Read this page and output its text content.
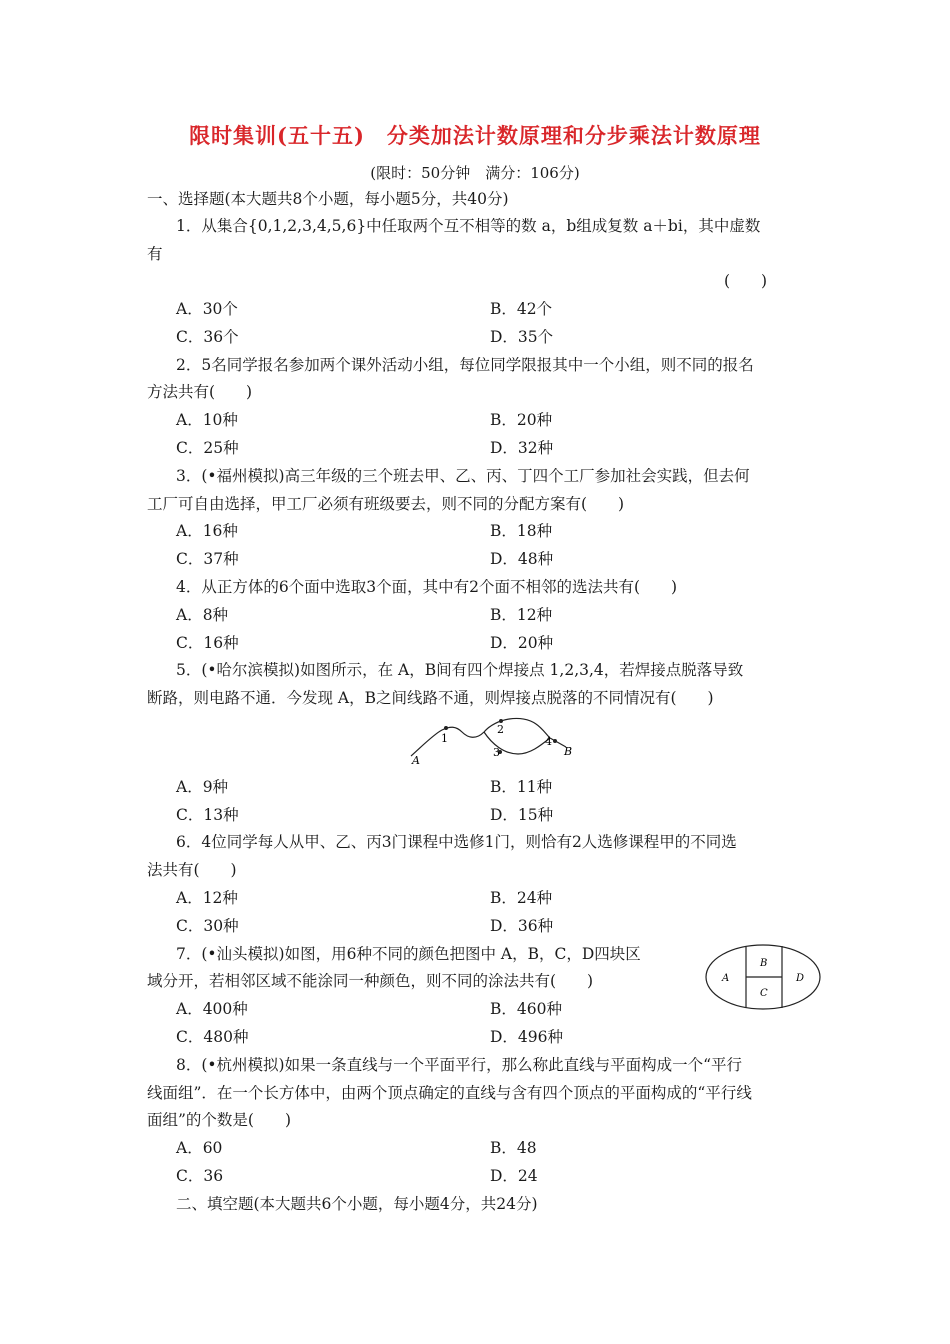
限时集训(五十五)　分类加法计数原理和分步乘法计数原理
(限时：50分钟　满分：106分)
一、选择题(本大题共8个小题，每小题5分，共40分)
1．从集合{0,1,2,3,4,5,6}中任取两个互不相等的数 a，b组成复数 a＋bi，其中虚数
有
(　　)
A．30个	B．42个
C．36个	D．35个
2．5名同学报名参加两个课外活动小组，每位同学限报其中一个小组，则不同的报名
方法共有(　　)
A．10种	B．20种
C．25种	D．32种
3．(•福州模拟)高三年级的三个班去甲、乙、丙、丁四个工厂参加社会实践，但去何
工厂可自由选择，甲工厂必须有班级要去，则不同的分配方案有(　　)
A．16种	B．18种
C．37种	D．48种
4．从正方体的6个面中选取3个面，其中有2个面不相邻的选法共有(　　)
A．8种	B．12种
C．16种	D．20种
5．(•哈尔滨模拟)如图所示，在 A，B间有四个焊接点 1,2,3,4，若焊接点脱落导致
断路，则电路不通．今发现 A，B之间线路不通，则焊接点脱落的不同情况有(　　)
A
1
2
3
4
B
A．9种	B．11种
C．13种	D．15种
6．4位同学每人从甲、乙、丙3门课程中选修1门，则恰有2人选修课程甲的不同选
法共有(　　)
A．12种	B．24种
C．30种	D．36种
7．(•汕头模拟)如图，用6种不同的颜色把图中 A，B，C，D四块区
域分开，若相邻区域不能涂同一种颜色，则不同的涂法共有(　　)	A
B
C
D
A．400种	B．460种
C．480种	D．496种
8．(•杭州模拟)如果一条直线与一个平面平行，那么称此直线与平面构成一个“平行
线面组”．在一个长方体中，由两个顶点确定的直线与含有四个顶点的平面构成的“平行线
面组”的个数是(　　)
A．60	B．48
C．36	D．24
二、填空题(本大题共6个小题，每小题4分，共24分)
